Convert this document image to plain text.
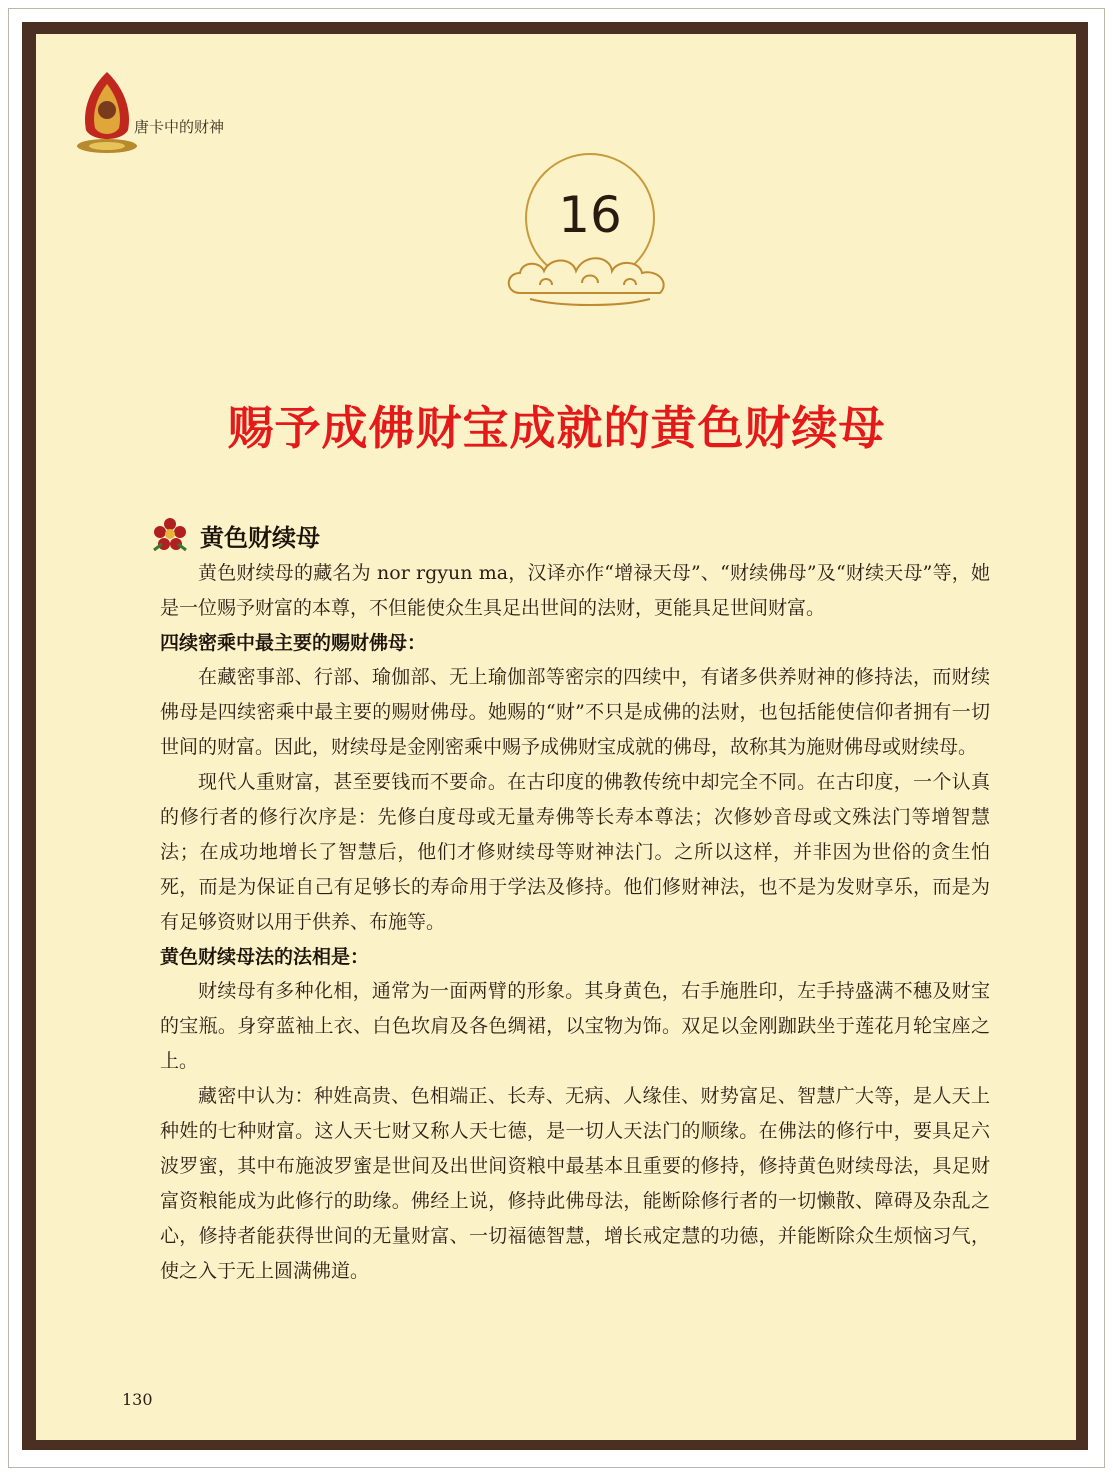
唐卡中的财神
16
赐予成佛财宝成就的黄色财续母
黄色财续母

黄色财续母的藏名为 nor rgyun ma，汉译亦作“增禄天母”、“财续佛母”及“财续天母”等，她是一位赐予财富的本尊，不但能使众生具足出世间的法财，更能具足世间财富。

四续密乘中最主要的赐财佛母：

在藏密事部、行部、瑜伽部、无上瑜伽部等密宗的四续中，有诸多供养财神的修持法，而财续佛母是四续密乘中最主要的赐财佛母。她赐的“财”不只是成佛的法财，也包括能使信仰者拥有一切世间的财富。因此，财续母是金刚密乘中赐予成佛财宝成就的佛母，故称其为施财佛母或财续母。

现代人重财富，甚至要钱而不要命。在古印度的佛教传统中却完全不同。在古印度，一个认真的修行者的修行次序是：先修白度母或无量寿佛等长寿本尊法；次修妙音母或文殊法门等增智慧法；在成功地增长了智慧后，他们才修财续母等财神法门。之所以这样，并非因为世俗的贪生怕死，而是为保证自己有足够长的寿命用于学法及修持。他们修财神法，也不是为发财享乐，而是为有足够资财以用于供养、布施等。

黄色财续母法的法相是：

财续母有多种化相，通常为一面两臂的形象。其身黄色，右手施胜印，左手持盛满不穗及财宝的宝瓶。身穿蓝袖上衣、白色坎肩及各色绸裙，以宝物为饰。双足以金刚跏趺坐于莲花月轮宝座之上。

藏密中认为：种姓高贵、色相端正、长寿、无病、人缘佳、财势富足、智慧广大等，是人天上种姓的七种财富。这人天七财又称人天七德，是一切人天法门的顺缘。在佛法的修行中，要具足六波罗蜜，其中布施波罗蜜是世间及出世间资粮中最基本且重要的修持，修持黄色财续母法，具足财富资粮能成为此修行的助缘。佛经上说，修持此佛母法，能断除修行者的一切懒散、障碍及杂乱之心，修持者能获得世间的无量财富、一切福德智慧，增长戒定慧的功德，并能断除众生烦恼习气，使之入于无上圆满佛道。

130
